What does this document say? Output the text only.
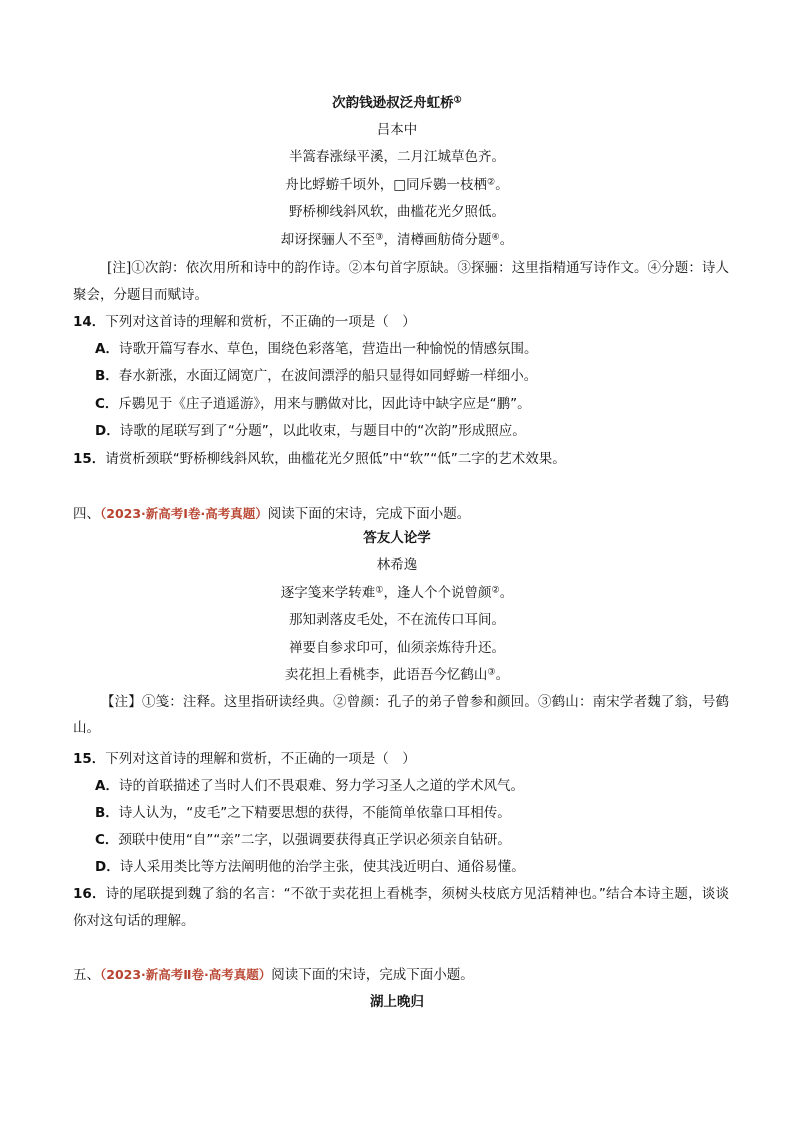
次韵钱逊叔泛舟虹桥①
吕本中
半篙春涨绿平溪，二月江城草色齐。
舟比蜉蝣千顷外，□同斥鷃一枝栖②。
野桥柳线斜风软，曲槛花光夕照低。
却讶探骊人不至③，清樽画舫倚分题④。
[注]①次韵：依次用所和诗中的韵作诗。②本句首字原缺。③探骊：这里指精通写诗作文。④分题：诗人聚会，分题目而赋诗。
14．下列对这首诗的理解和赏析，不正确的一项是（　）
A．诗歌开篇写春水、草色，围绕色彩落笔，营造出一种愉悦的情感氛围。
B．春水新涨，水面辽阔宽广，在波间漂浮的船只显得如同蜉蝣一样细小。
C．斥鷃见于《庄子逍遥游》，用来与鹏做对比，因此诗中缺字应是“鹏”。
D．诗歌的尾联写到了“分题”，以此收束，与题目中的“次韵”形成照应。
15．请赏析颈联“野桥柳线斜风软，曲槛花光夕照低”中“软”“低”二字的艺术效果。
四、（2023·新高考Ⅰ卷·高考真题）阅读下面的宋诗，完成下面小题。
答友人论学
林希逸
逐字笺来学转难①，逢人个个说曾颜②。
那知剥落皮毛处，不在流传口耳间。
禅要自参求印可，仙须亲炼待升还。
卖花担上看桃李，此语吾今忆鹤山③。
【注】①笺：注释。这里指研读经典。②曾颜：孔子的弟子曾参和颜回。③鹤山：南宋学者魏了翁，号鹤山。
15．下列对这首诗的理解和赏析，不正确的一项是（　）
A．诗的首联描述了当时人们不畏艰难、努力学习圣人之道的学术风气。
B．诗人认为，“皮毛”之下精要思想的获得，不能简单依靠口耳相传。
C．颈联中使用“自”“亲”二字，以强调要获得真正学识必须亲自钻研。
D．诗人采用类比等方法阐明他的治学主张，使其浅近明白、通俗易懂。
16．诗的尾联提到魏了翁的名言：“不欲于卖花担上看桃李，须树头枝底方见活精神也。”结合本诗主题，谈谈你对这句话的理解。
五、（2023·新高考Ⅱ卷·高考真题）阅读下面的宋诗，完成下面小题。
湖上晚归
